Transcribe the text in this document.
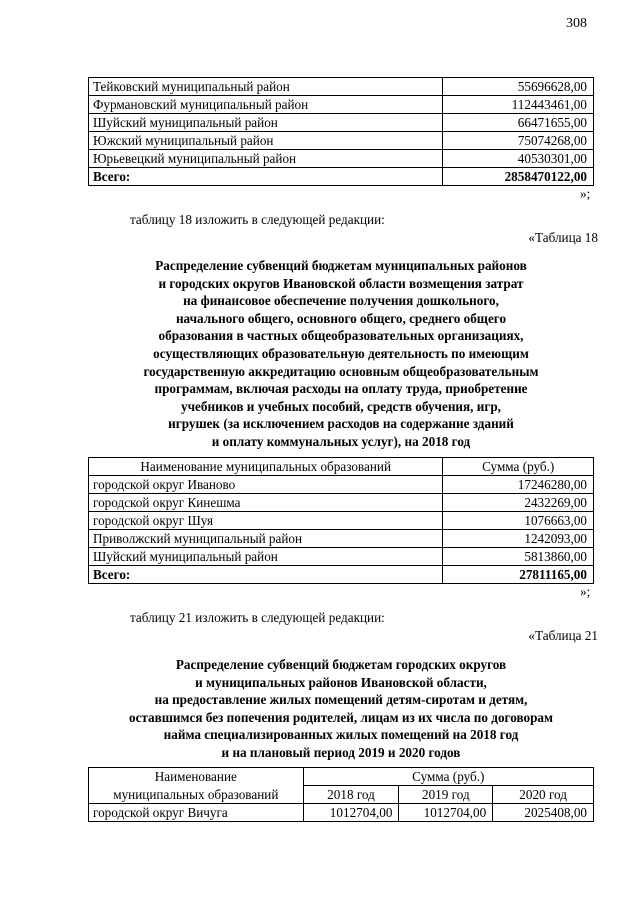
308
Тейковский муниципальный район	55696628,00
Фурмановский муниципальный район	112443461,00
Шуйский муниципальный район	66471655,00
Южский муниципальный район	75074268,00
Юрьевецкий муниципальный район	40530301,00
Всего:	2858470122,00
»;
таблицу 18 изложить в следующей редакции:
«Таблица 18
Распределение субвенций бюджетам муниципальных районов
и городских округов Ивановской области возмещения затрат
на финансовое обеспечение получения дошкольного,
начального общего, основного общего, среднего общего
образования в частных общеобразовательных организациях,
осуществляющих образовательную деятельность по имеющим
государственную аккредитацию основным общеобразовательным
программам, включая расходы на оплату труда, приобретение
учебников и учебных пособий, средств обучения, игр,
игрушек (за исключением расходов на содержание зданий
и оплату коммунальных услуг), на 2018 год
Наименование муниципальных образований	Сумма (руб.)
городской округ Иваново	17246280,00
городской округ Кинешма	2432269,00
городской округ Шуя	1076663,00
Приволжский муниципальный район	1242093,00
Шуйский муниципальный район	5813860,00
Всего:	27811165,00
»;
таблицу 21 изложить в следующей редакции:
«Таблица 21
Распределение субвенций бюджетам городских округов
и муниципальных районов Ивановской области,
на предоставление жилых помещений детям-сиротам и детям,
оставшимся без попечения родителей, лицам из их числа по договорам
найма специализированных жилых помещений на 2018 год
и на плановый период 2019 и 2020 годов
Наименование	Сумма (руб.)		
муниципальных образований	2018 год	2019 год	2020 год
городской округ Вичуга	1012704,00	1012704,00	2025408,00
